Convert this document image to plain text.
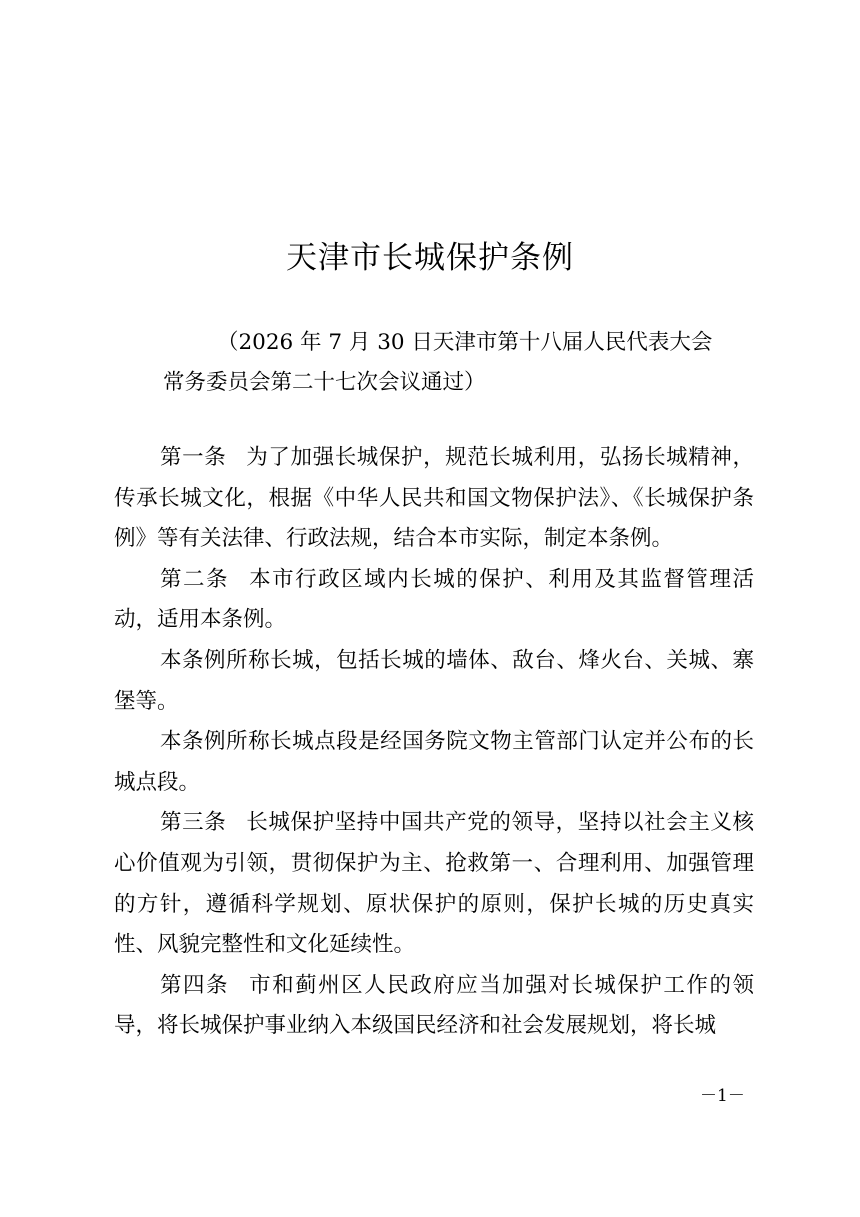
天津市长城保护条例
（2026 年 7 月 30 日天津市第十八届人民代表大会
常务委员会第二十七次会议通过）

第一条 为了加强长城保护，规范长城利用，弘扬长城精神，传承长城文化，根据《中华人民共和国文物保护法》、《长城保护条例》等有关法律、行政法规，结合本市实际，制定本条例。

第二条 本市行政区域内长城的保护、利用及其监督管理活动，适用本条例。

本条例所称长城，包括长城的墙体、敌台、烽火台、关城、寨堡等。

本条例所称长城点段是经国务院文物主管部门认定并公布的长城点段。

第三条 长城保护坚持中国共产党的领导，坚持以社会主义核心价值观为引领，贯彻保护为主、抢救第一、合理利用、加强管理的方针，遵循科学规划、原状保护的原则，保护长城的历史真实性、风貌完整性和文化延续性。

第四条 市和蓟州区人民政府应当加强对长城保护工作的领导，将长城保护事业纳入本级国民经济和社会发展规划，将长城

－1－
